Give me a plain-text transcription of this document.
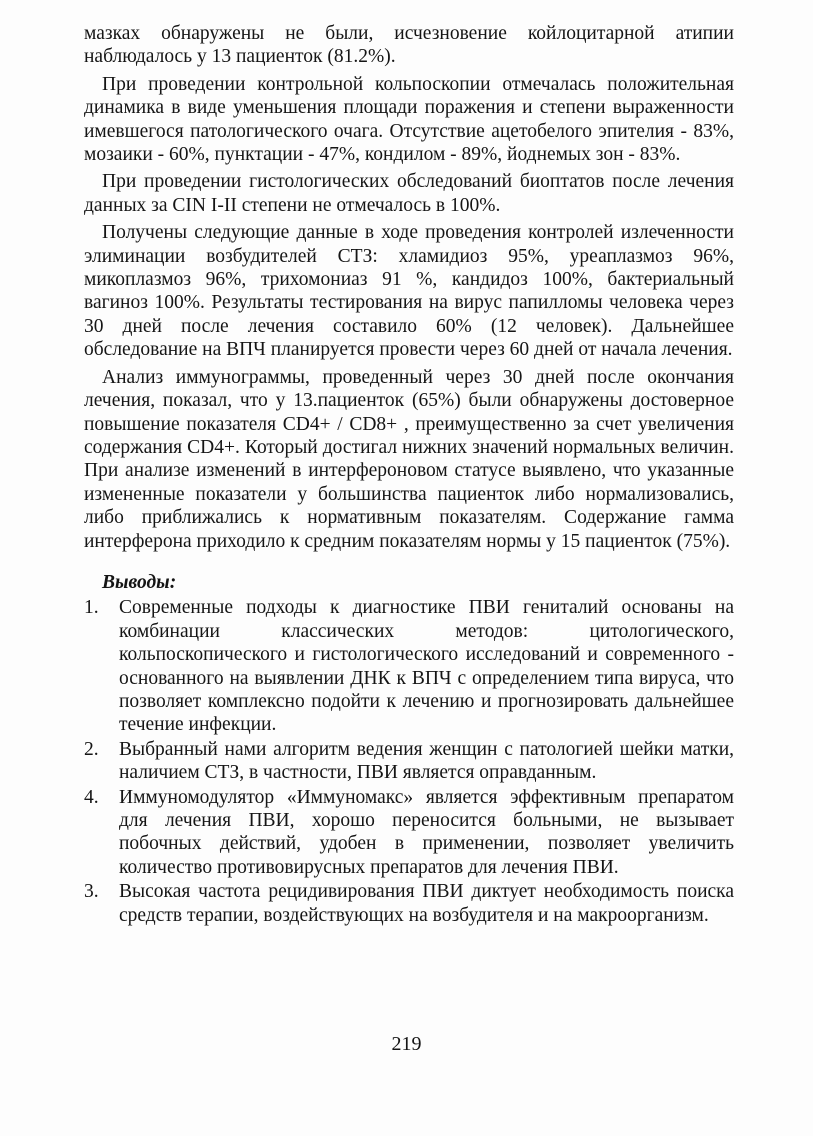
мазках обнаружены не были, исчезновение койлоцитарной атипии наблюдалось у 13 пациенток (81.2%).

При проведении контрольной кольпоскопии отмечалась положительная динамика в виде уменьшения площади поражения и степени выраженности имевшегося патологического очага. Отсутствие ацетобелого эпителия - 83%, мозаики - 60%, пунктации - 47%, кондилом - 89%, йоднемых зон - 83%.

При проведении гистологических обследований биоптатов после лечения данных за CIN I-II степени не отмечалось в 100%.

Получены следующие данные в ходе проведения контролей излеченности элиминации возбудителей СТЗ: хламидиоз 95%, уреаплазмоз 96%, микоплазмоз 96%, трихомониаз 91 %, кандидоз 100%, бактериальный вагиноз 100%. Результаты тестирования на вирус папилломы человека через 30 дней после лечения составило 60% (12 человек). Дальнейшее обследование на ВПЧ планируется провести через 60 дней от начала лечения.

Анализ иммунограммы, проведенный через 30 дней после окончания лечения, показал, что у 13.пациенток (65%) были обнаружены достоверное повышение показателя CD4+ / CD8+ , преимущественно за счет увеличения содержания CD4+. Который достигал нижних значений нормальных величин. При анализе изменений в интерфероновом статусе выявлено, что указанные измененные показатели у большинства пациенток либо нормализовались, либо приближались к нормативным показателям. Содержание гамма интерферона приходило к средним показателям нормы у 15 пациенток (75%).

Выводы:
1. Современные подходы к диагностике ПВИ гениталий основаны на комбинации классических методов: цитологического, кольпоскопического и гистологического исследований и современного - основанного на выявлении ДНК к ВПЧ с определением типа вируса, что позволяет комплексно подойти к лечению и прогнозировать дальнейшее течение инфекции.
2. Выбранный нами алгоритм ведения женщин с патологией шейки матки, наличием СТЗ, в частности, ПВИ является оправданным.
4. Иммуномодулятор «Иммуномакс» является эффективным препаратом для лечения ПВИ, хорошо переносится больными, не вызывает побочных действий, удобен в применении, позволяет увеличить количество противовирусных препаратов для лечения ПВИ.
3. Высокая частота рецидивирования ПВИ диктует необходимость поиска средств терапии, воздействующих на возбудителя и на макроорганизм.
219
